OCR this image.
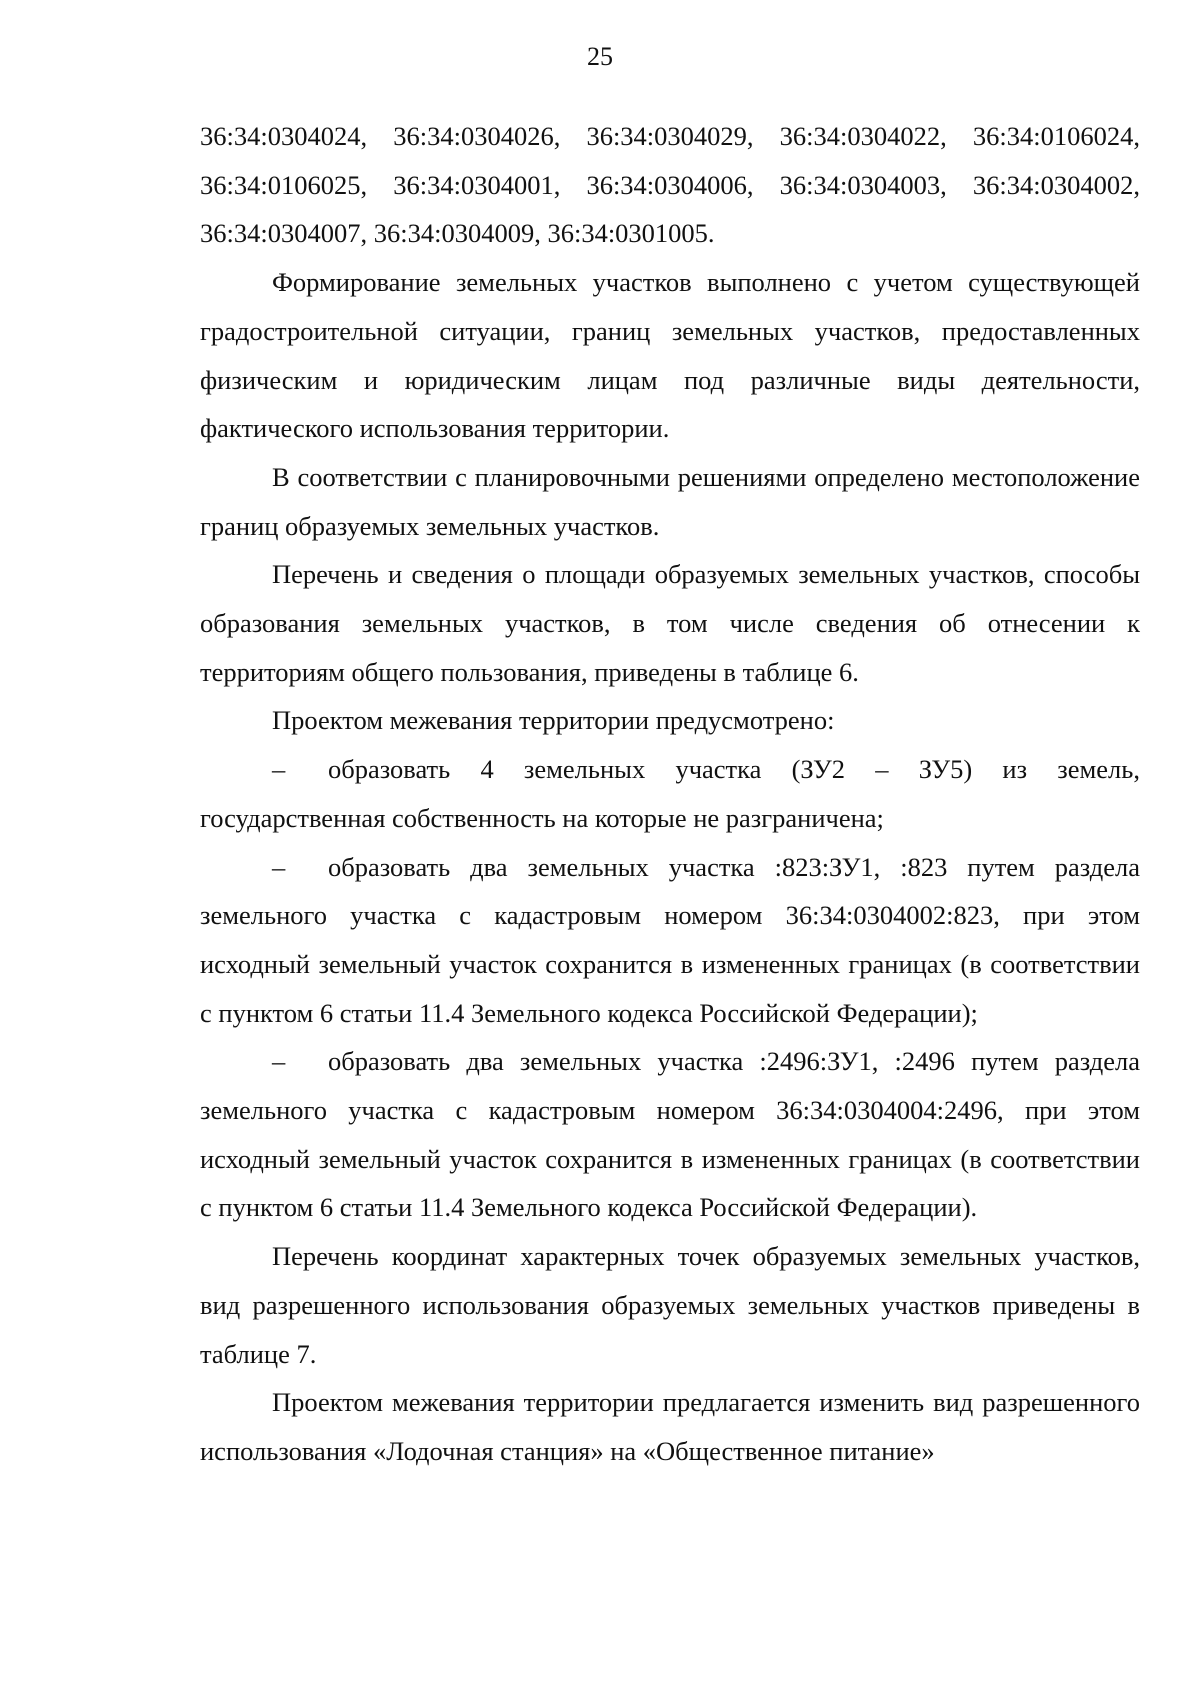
25

36:34:0304024, 36:34:0304026, 36:34:0304029, 36:34:0304022, 36:34:0106024, 36:34:0106025, 36:34:0304001, 36:34:0304006, 36:34:0304003, 36:34:0304002, 36:34:0304007, 36:34:0304009, 36:34:0301005.

Формирование земельных участков выполнено с учетом существующей градостроительной ситуации, границ земельных участков, предоставленных физическим и юридическим лицам под различные виды деятельности, фактического использования территории.

В соответствии с планировочными решениями определено местоположение границ образуемых земельных участков.

Перечень и сведения о площади образуемых земельных участков, способы образования земельных участков, в том числе сведения об отнесении к территориям общего пользования, приведены в таблице 6.

Проектом межевания территории предусмотрено:

– образовать 4 земельных участка (ЗУ2 – ЗУ5) из земель, государственная собственность на которые не разграничена;

– образовать два земельных участка :823:ЗУ1, :823 путем раздела земельного участка с кадастровым номером 36:34:0304002:823, при этом исходный земельный участок сохранится в измененных границах (в соответствии с пунктом 6 статьи 11.4 Земельного кодекса Российской Федерации);

– образовать два земельных участка :2496:ЗУ1, :2496 путем раздела земельного участка с кадастровым номером 36:34:0304004:2496, при этом исходный земельный участок сохранится в измененных границах (в соответствии с пунктом 6 статьи 11.4 Земельного кодекса Российской Федерации).

Перечень координат характерных точек образуемых земельных участков, вид разрешенного использования образуемых земельных участков приведены в таблице 7.

Проектом межевания территории предлагается изменить вид разрешенного использования «Лодочная станция» на «Общественное питание»
